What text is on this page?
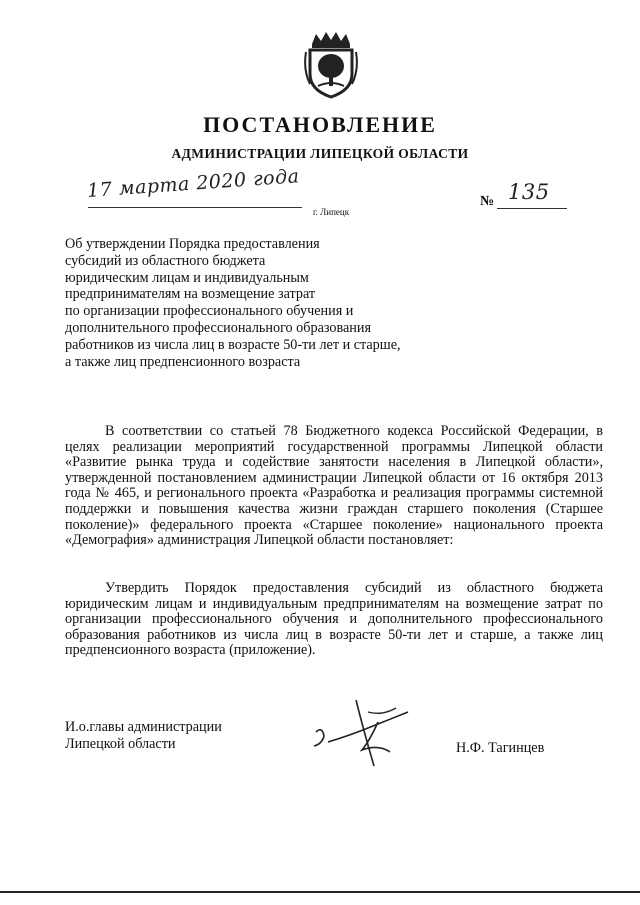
ПОСТАНОВЛЕНИЕ
АДМИНИСТРАЦИИ ЛИПЕЦКОЙ ОБЛАСТИ
17 марта 2020 года
г. Липецк
№ 135

Об утверждении Порядка предоставления
субсидий из областного бюджета
юридическим лицам и индивидуальным
предпринимателям на возмещение затрат
по организации профессионального обучения и
дополнительного профессионального образования
работников из числа лиц в возрасте 50-ти лет и старше,
а также лиц предпенсионного возраста

В соответствии со статьей 78 Бюджетного кодекса Российской Федерации, в целях реализации мероприятий государственной программы Липецкой области «Развитие рынка труда и содействие занятости населения в Липецкой области», утвержденной постановлением администрации Липецкой области от 16 октября 2013 года № 465, и регионального проекта «Разработка и реализация программы системной поддержки и повышения качества жизни граждан старшего поколения (Старшее поколение)» федерального проекта «Старшее поколение» национального проекта «Демография» администрация Липецкой области постановляет:

Утвердить Порядок предоставления субсидий из областного бюджета юридическим лицам и индивидуальным предпринимателям на возмещение затрат по организации профессионального обучения и дополнительного профессионального образования работников из числа лиц в возрасте 50-ти лет и старше, а также лиц предпенсионного возраста (приложение).

И.о.главы администрации
Липецкой области	Н.Ф. Тагинцев
